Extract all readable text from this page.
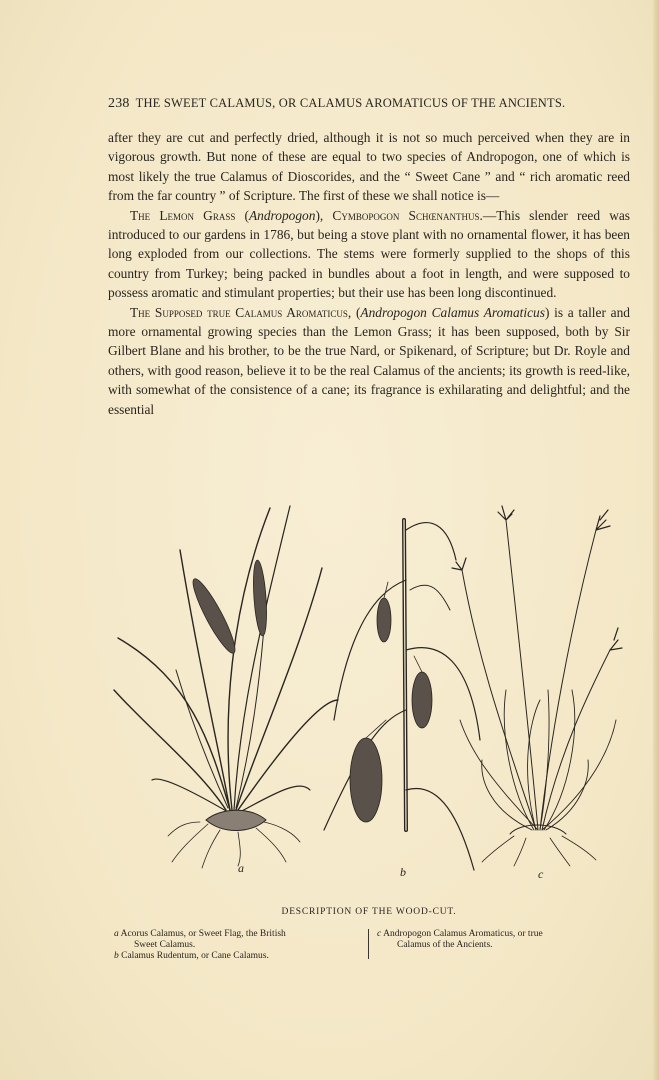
238 THE SWEET CALAMUS, OR CALAMUS AROMATICUS OF THE ANCIENTS.

after they are cut and perfectly dried, although it is not so much perceived when they are in vigorous growth. But none of these are equal to two species of Andropogon, one of which is most likely the true Calamus of Dioscorides, and the “ Sweet Cane ” and “ rich aromatic reed from the far country ” of Scripture. The first of these we shall notice is—

The Lemon Grass (Andropogon), Cymbopogon Schœnanthus.—This slender reed was introduced to our gardens in 1786, but being a stove plant with no ornamental flower, it has been long exploded from our collections. The stems were formerly supplied to the shops of this country from Turkey; being packed in bundles about a foot in length, and were supposed to possess aromatic and stimulant properties; but their use has been long discontinued.

The Supposed true Calamus Aromaticus, (Andropogon Calamus Aromaticus) is a taller and more ornamental growing species than the Lemon Grass; it has been supposed, both by Sir Gilbert Blane and his brother, to be the true Nard, or Spikenard, of Scripture; but Dr. Royle and others, with good reason, believe it to be the real Calamus of the ancients; its growth is reed-like, with somewhat of the consistence of a cane; its fragrance is exhilarating and delightful; and the essential

a	b	c
DESCRIPTION OF THE WOOD-CUT.
a Acorus Calamus, or Sweet Flag, the British
Sweet Calamus.
b Calamus Rudentum, or Cane Calamus.
c Andropogon Calamus Aromaticus, or true
Calamus of the Ancients.
